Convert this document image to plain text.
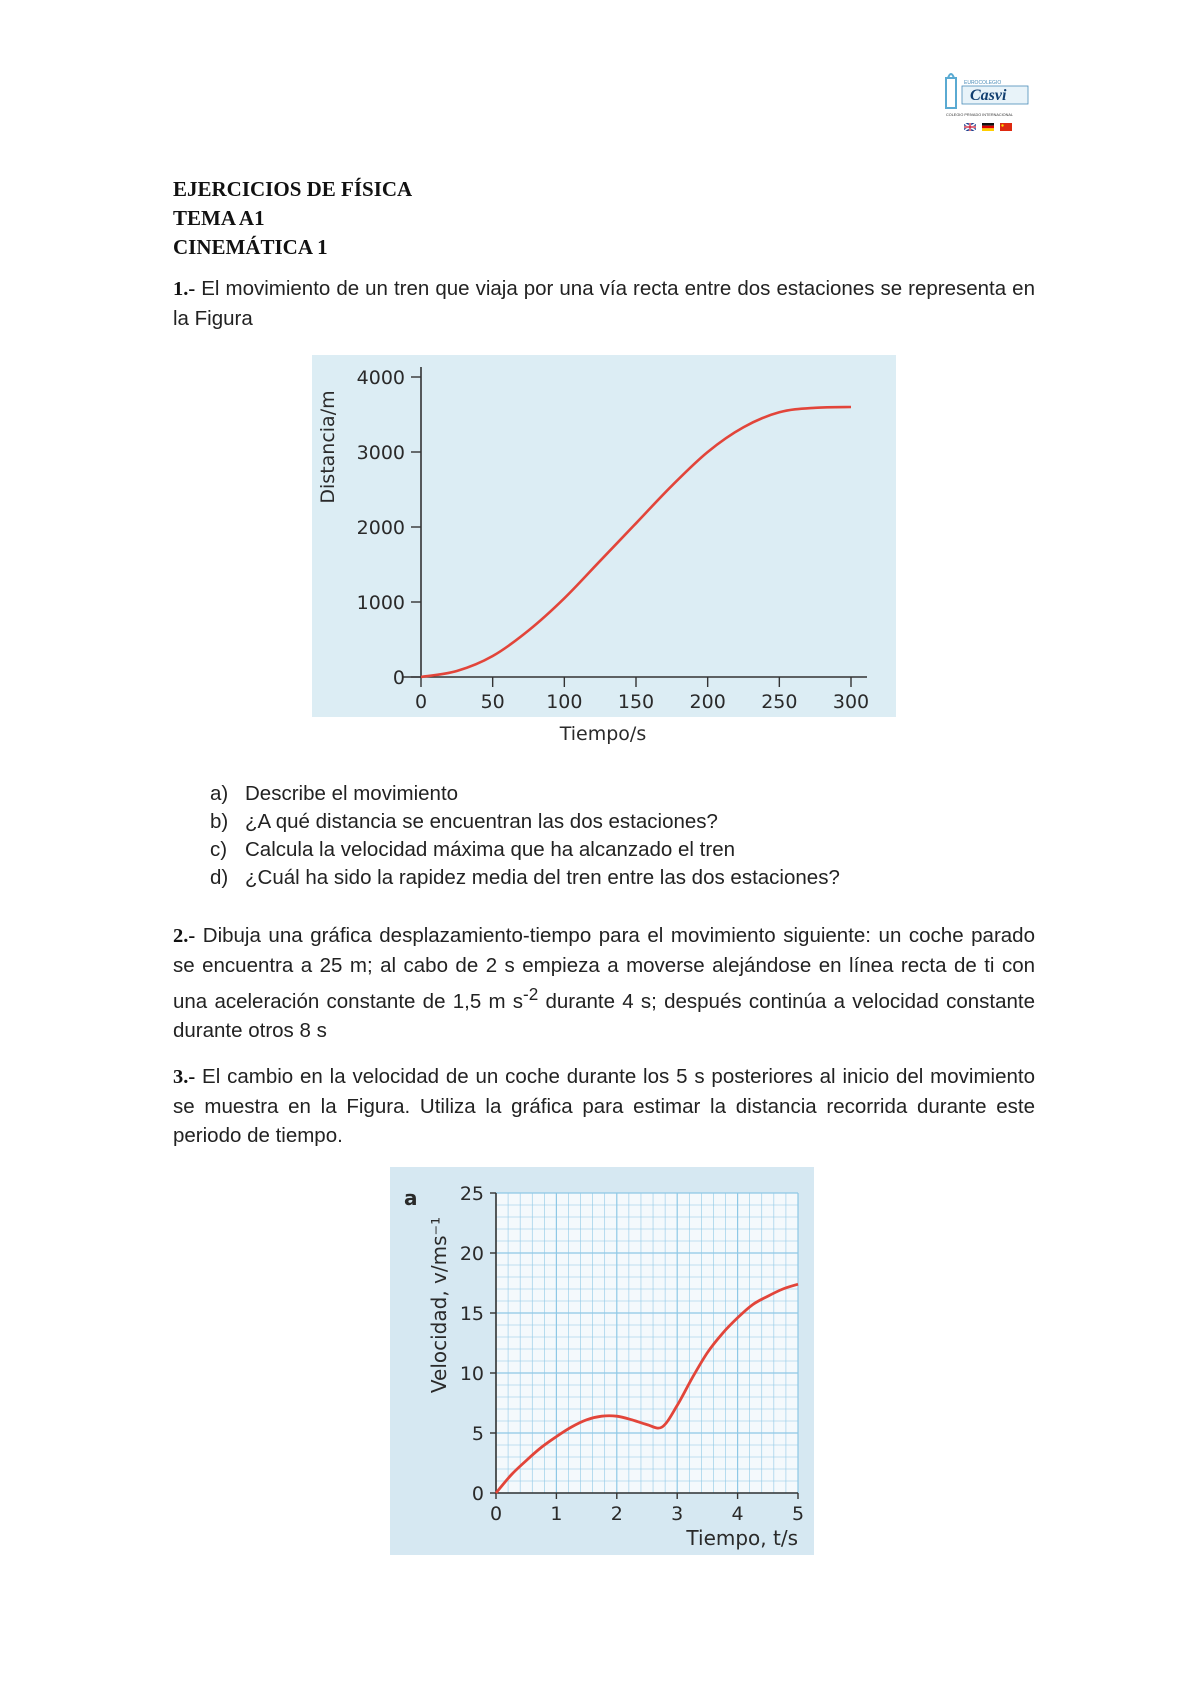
EUROCOLEGIO
Casvi
COLEGIO PRIVADO INTERNACIONAL
EJERCICIOS DE FÍSICA
TEMA A1
CINEMÁTICA 1
1.- El movimiento de un tren que viaja por una vía recta entre dos estaciones se representa en la Figura
0
1000
2000
3000
4000
0	50 100 150 200 250 300
Distancia/m
Tiempo/s
a) Describe el movimiento
b) ¿A qué distancia se encuentran las dos estaciones?
c) Calcula la velocidad máxima que ha alcanzado el tren
d) ¿Cuál ha sido la rapidez media del tren entre las dos estaciones?
2.- Dibuja una gráfica desplazamiento-tiempo para el movimiento siguiente: un coche parado se encuentra a 25 m; al cabo de 2 s empieza a moverse alejándose en línea recta de ti con una aceleración constante de 1,5 m $s^{-2}$ durante 4 s; después continúa a velocidad constante durante otros 8 s
3.- El cambio en la velocidad de un coche durante los 5 s posteriores al inicio del movimiento se muestra en la Figura. Utiliza la gráfica para estimar la distancia recorrida durante este periodo de tiempo.
0
5
10
15
20
25
0	1	2	3	4	5
a
Velocidad, v/ms⁻¹
Tiempo, t/s
